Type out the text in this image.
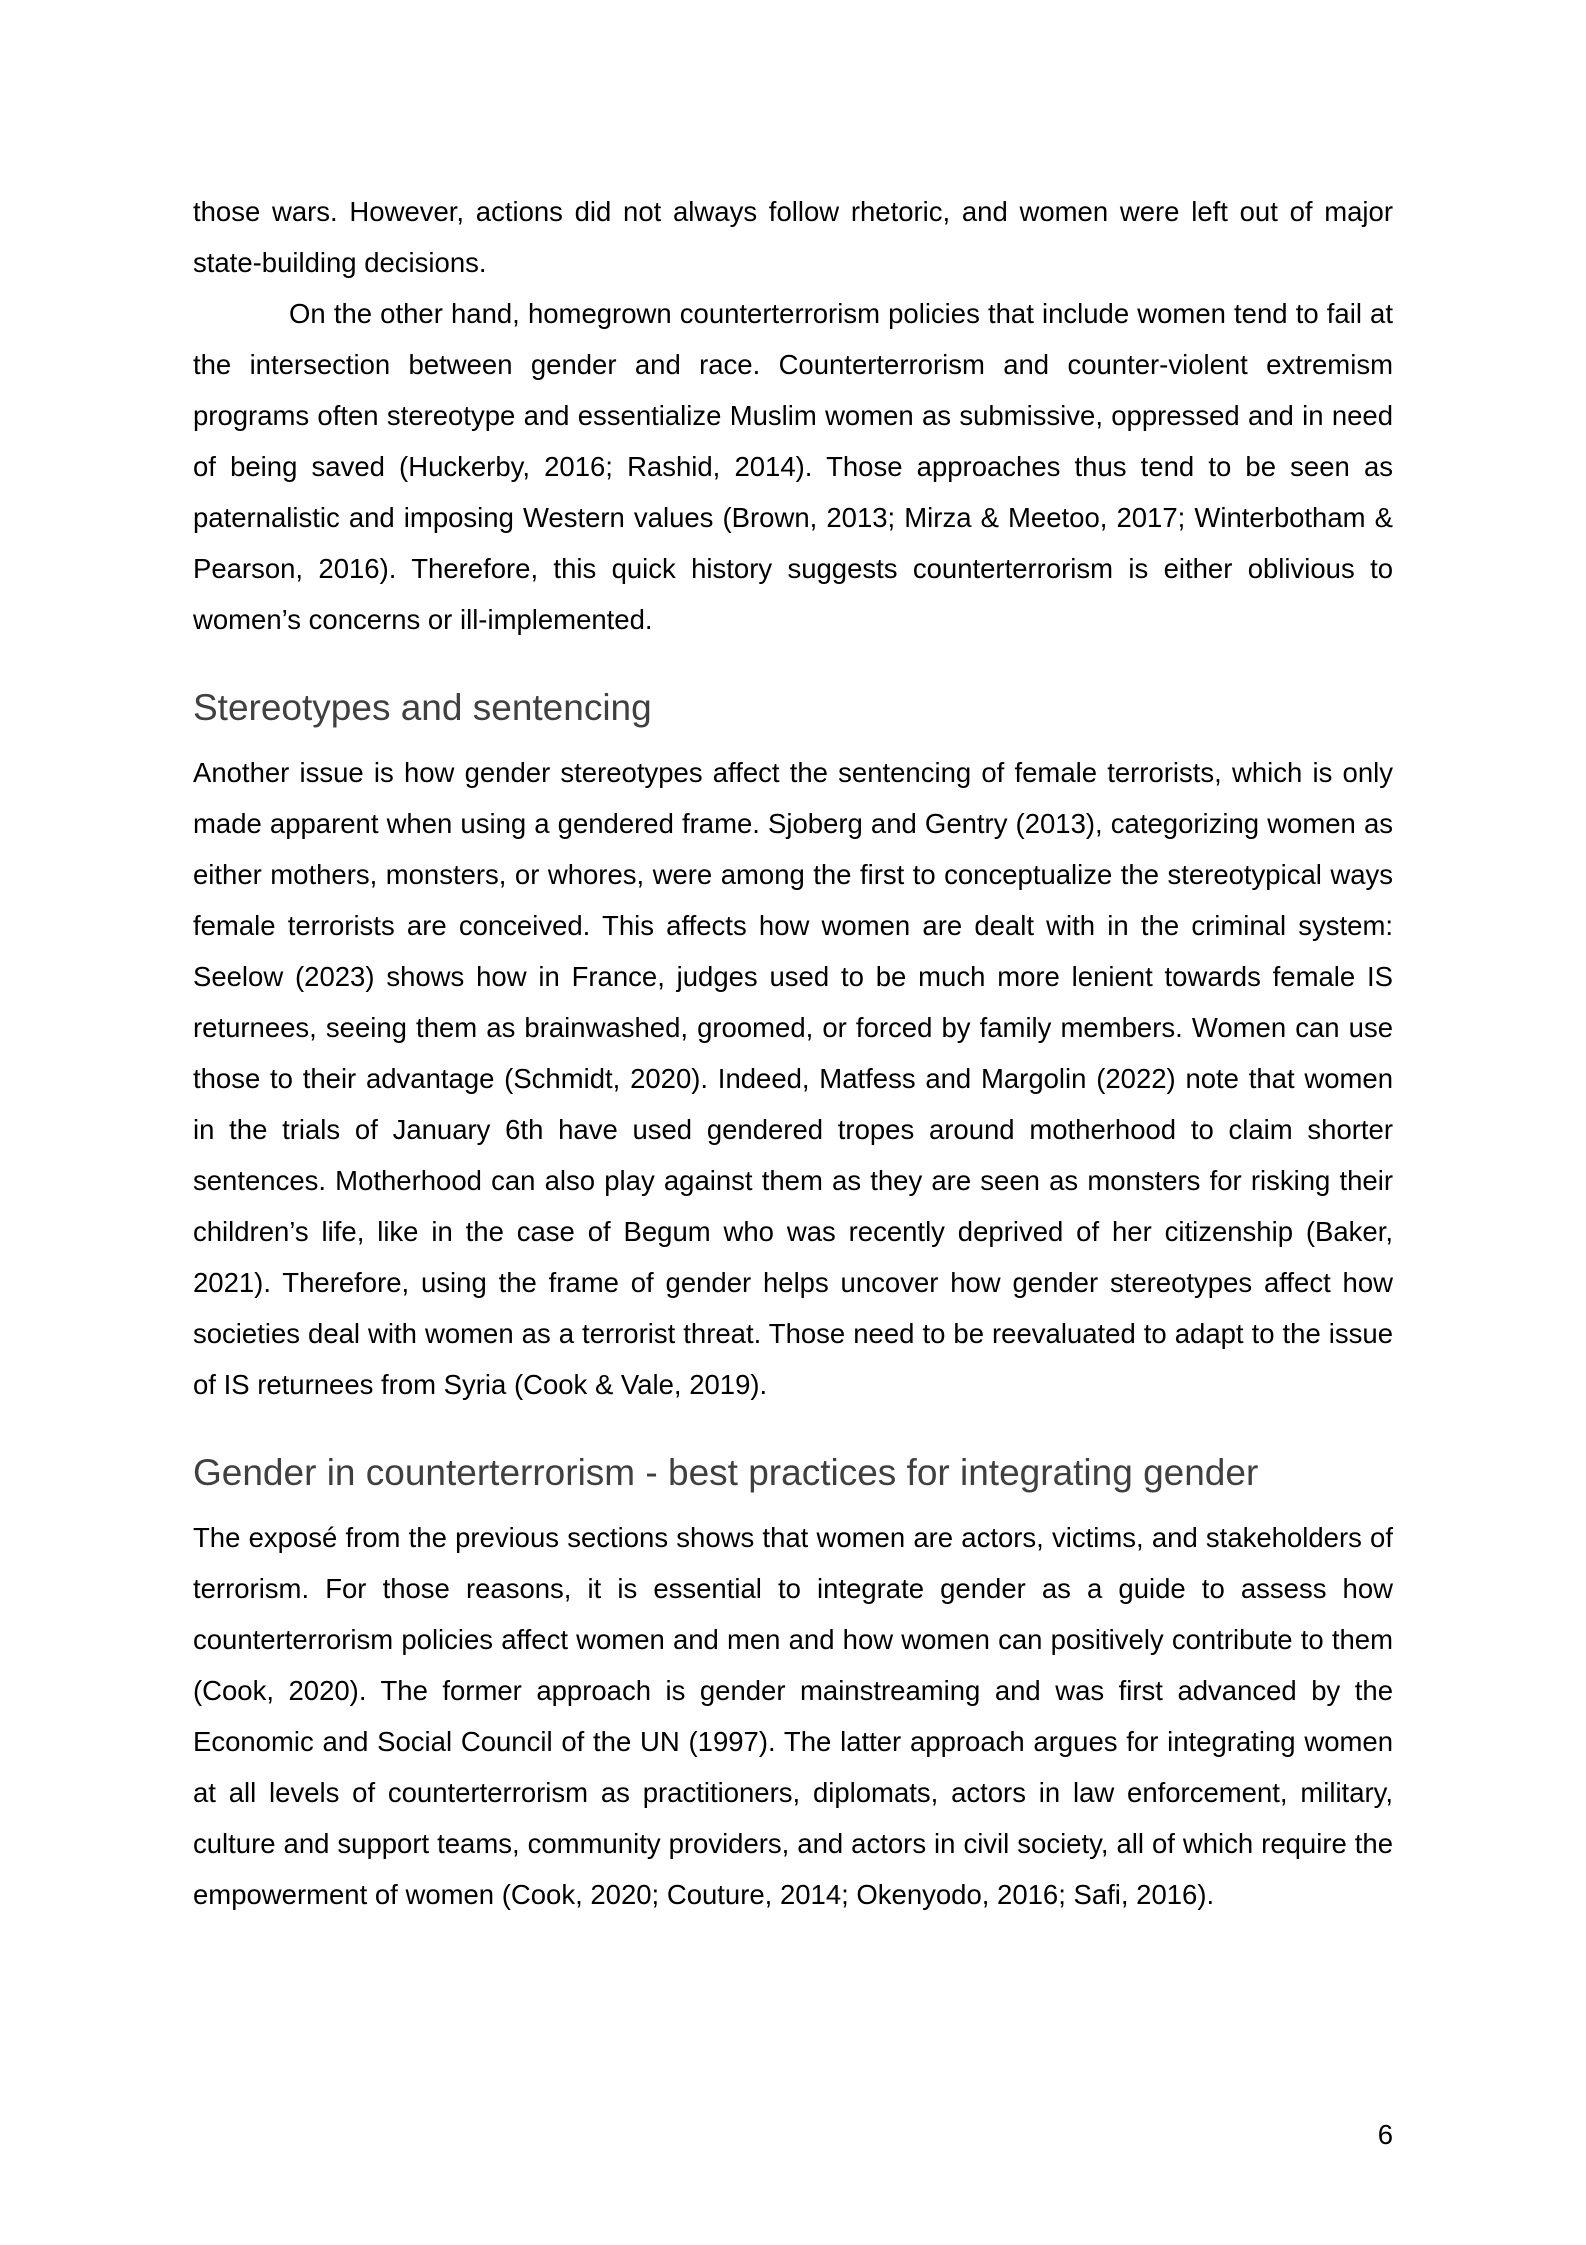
those wars. However, actions did not always follow rhetoric, and women were left out of major state-building decisions.

On the other hand, homegrown counterterrorism policies that include women tend to fail at the intersection between gender and race. Counterterrorism and counter-violent extremism programs often stereotype and essentialize Muslim women as submissive, oppressed and in need of being saved (Huckerby, 2016; Rashid, 2014). Those approaches thus tend to be seen as paternalistic and imposing Western values (Brown, 2013; Mirza & Meetoo, 2017; Winterbotham & Pearson, 2016). Therefore, this quick history suggests counterterrorism is either oblivious to women’s concerns or ill-implemented.

Stereotypes and sentencing

Another issue is how gender stereotypes affect the sentencing of female terrorists, which is only made apparent when using a gendered frame. Sjoberg and Gentry (2013), categorizing women as either mothers, monsters, or whores, were among the first to conceptualize the stereotypical ways female terrorists are conceived. This affects how women are dealt with in the criminal system: Seelow (2023) shows how in France, judges used to be much more lenient towards female IS returnees, seeing them as brainwashed, groomed, or forced by family members. Women can use those to their advantage (Schmidt, 2020). Indeed, Matfess and Margolin (2022) note that women in the trials of January 6th have used gendered tropes around motherhood to claim shorter sentences. Motherhood can also play against them as they are seen as monsters for risking their children’s life, like in the case of Begum who was recently deprived of her citizenship (Baker, 2021). Therefore, using the frame of gender helps uncover how gender stereotypes affect how societies deal with women as a terrorist threat. Those need to be reevaluated to adapt to the issue of IS returnees from Syria (Cook & Vale, 2019).

Gender in counterterrorism - best practices for integrating gender

The exposé from the previous sections shows that women are actors, victims, and stakeholders of terrorism. For those reasons, it is essential to integrate gender as a guide to assess how counterterrorism policies affect women and men and how women can positively contribute to them (Cook, 2020). The former approach is gender mainstreaming and was first advanced by the Economic and Social Council of the UN (1997). The latter approach argues for integrating women at all levels of counterterrorism as practitioners, diplomats, actors in law enforcement, military, culture and support teams, community providers, and actors in civil society, all of which require the empowerment of women (Cook, 2020; Couture, 2014; Okenyodo, 2016; Safi, 2016).

6
